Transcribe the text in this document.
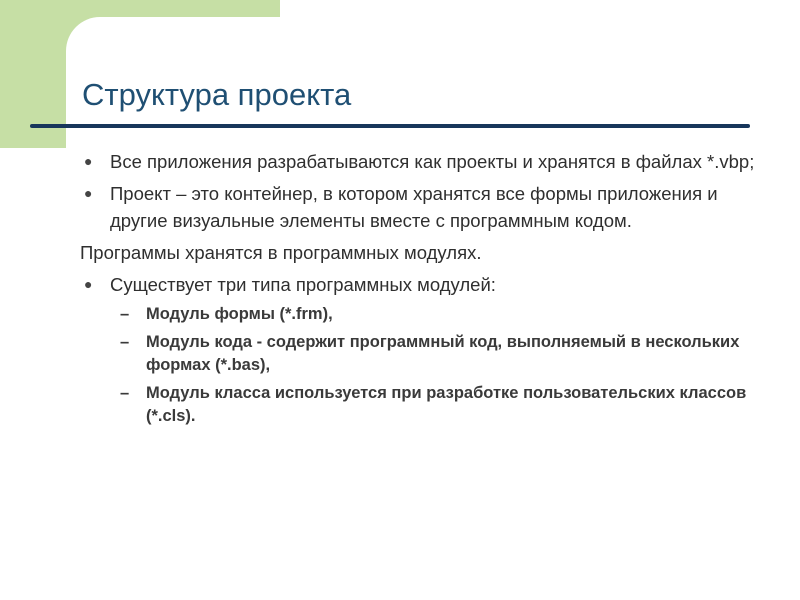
Структура проекта
● Все приложения разрабатываются как проекты и хранятся в файлах *.vbp;
● Проект – это контейнер, в котором хранятся все формы приложения и другие визуальные элементы вместе с программным кодом.
Программы хранятся в программных модулях.
● Существует три типа программных модулей:
– Модуль формы (*.frm),
– Модуль кода - содержит программный код, выполняемый в нескольких формах (*.bas),
– Модуль класса используется при разработке пользовательских классов (*.cls).
